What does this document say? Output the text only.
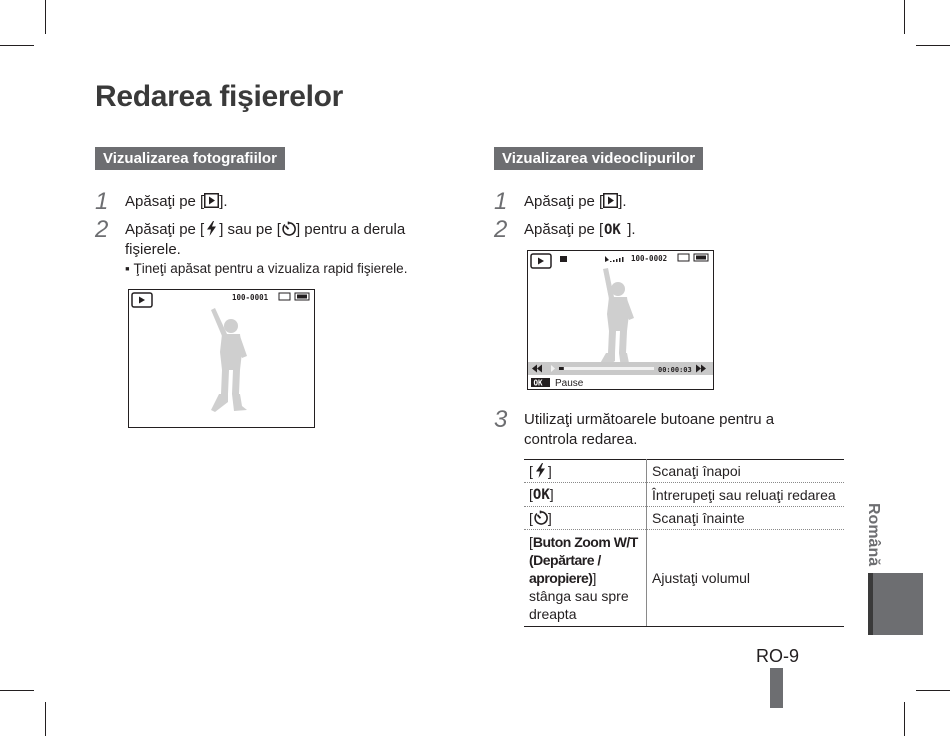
Redarea fişierelor
Vizualizarea fotografiilor
1 Apăsaţi pe [ ].
2 Apăsaţi pe [ ] sau pe [ ] pentru a derula
fişierele.
▪ Ţineţi apăsat pentru a vizualiza rapid fişierele.
100-0001
Vizualizarea videoclipurilor
1 Apăsaţi pe [ ].
2 Apăsaţi pe [ OK ].
100-0002
00:00:03
OK Pause
3 Utilizaţi următoarele butoane pentru a
controla redarea.
[ ]	Scanaţi înapoi
[OK]	Întrerupeţi sau reluaţi redarea
[ ]	Scanaţi înainte
[Buton Zoom W/T (Depărtare / apropiere)] stânga sau spre dreapta	Ajustaţi volumul
Română
RO-9
